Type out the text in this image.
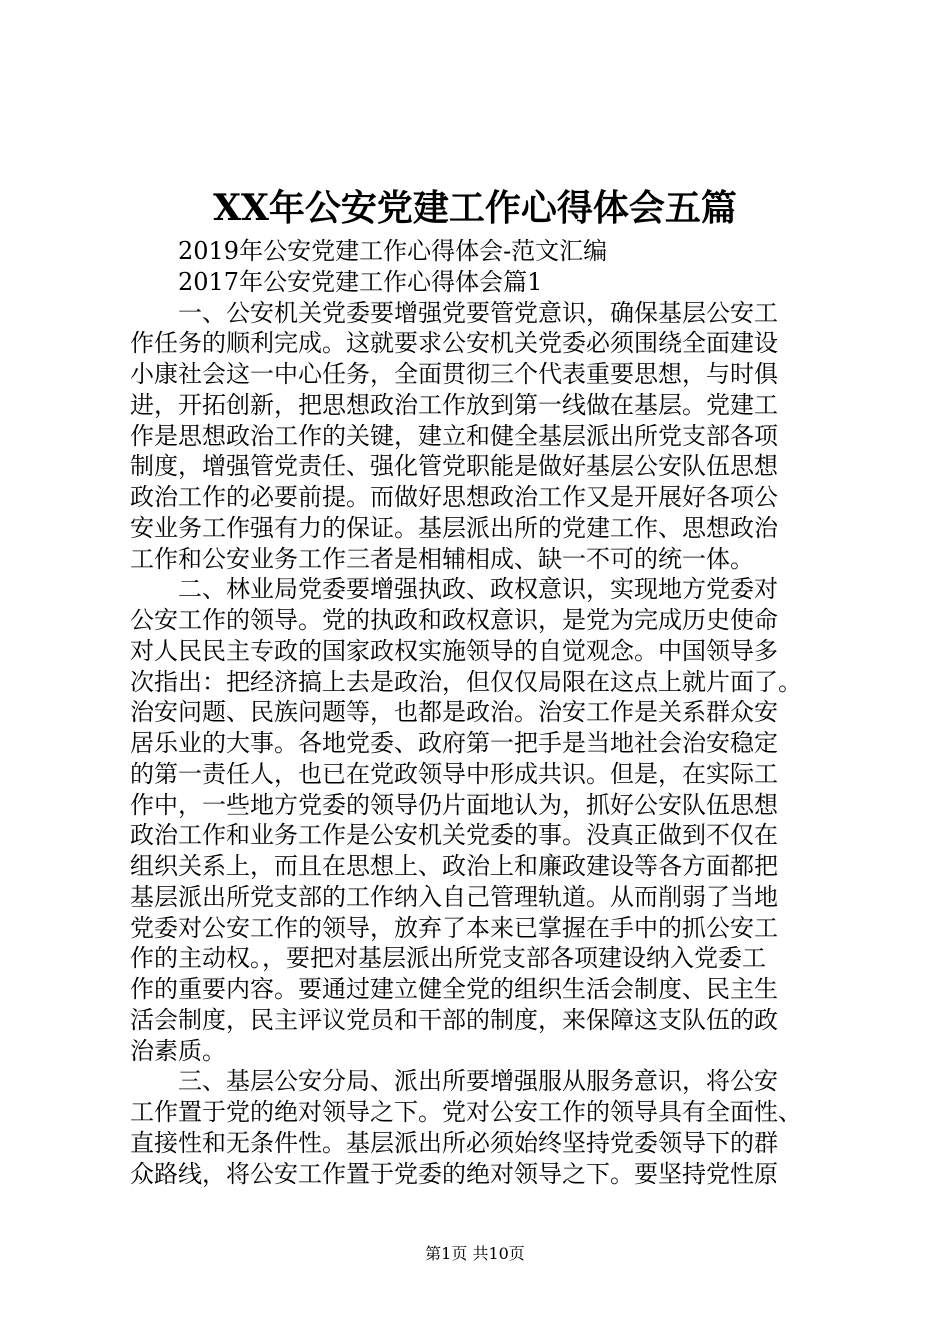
XX年公安党建工作心得体会五篇
　　2019年公安党建工作心得体会-范文汇编
　　2017年公安党建工作心得体会篇1
　　一、公安机关党委要增强党要管党意识，确保基层公安工
作任务的顺利完成。这就要求公安机关党委必须围绕全面建设
小康社会这一中心任务，全面贯彻三个代表重要思想，与时俱
进，开拓创新，把思想政治工作放到第一线做在基层。党建工
作是思想政治工作的关键，建立和健全基层派出所党支部各项
制度，增强管党责任、强化管党职能是做好基层公安队伍思想
政治工作的必要前提。而做好思想政治工作又是开展好各项公
安业务工作强有力的保证。基层派出所的党建工作、思想政治
工作和公安业务工作三者是相辅相成、缺一不可的统一体。
　　二、林业局党委要增强执政、政权意识，实现地方党委对
公安工作的领导。党的执政和政权意识，是党为完成历史使命
对人民民主专政的国家政权实施领导的自觉观念。中国领导多
次指出：把经济搞上去是政治，但仅仅局限在这点上就片面了。
治安问题、民族问题等，也都是政治。治安工作是关系群众安
居乐业的大事。各地党委、政府第一把手是当地社会治安稳定
的第一责任人，也已在党政领导中形成共识。但是，在实际工
作中，一些地方党委的领导仍片面地认为，抓好公安队伍思想
政治工作和业务工作是公安机关党委的事。没真正做到不仅在
组织关系上，而且在思想上、政治上和廉政建设等各方面都把
基层派出所党支部的工作纳入自己管理轨道。从而削弱了当地
党委对公安工作的领导，放弃了本来已掌握在手中的抓公安工
作的主动权。，要把对基层派出所党支部各项建设纳入党委工
作的重要内容。要通过建立健全党的组织生活会制度、民主生
活会制度，民主评议党员和干部的制度，来保障这支队伍的政
治素质。
　　三、基层公安分局、派出所要增强服从服务意识，将公安
工作置于党的绝对领导之下。党对公安工作的领导具有全面性、
直接性和无条件性。基层派出所必须始终坚持党委领导下的群
众路线，将公安工作置于党委的绝对领导之下。要坚持党性原
第1页 共10页
